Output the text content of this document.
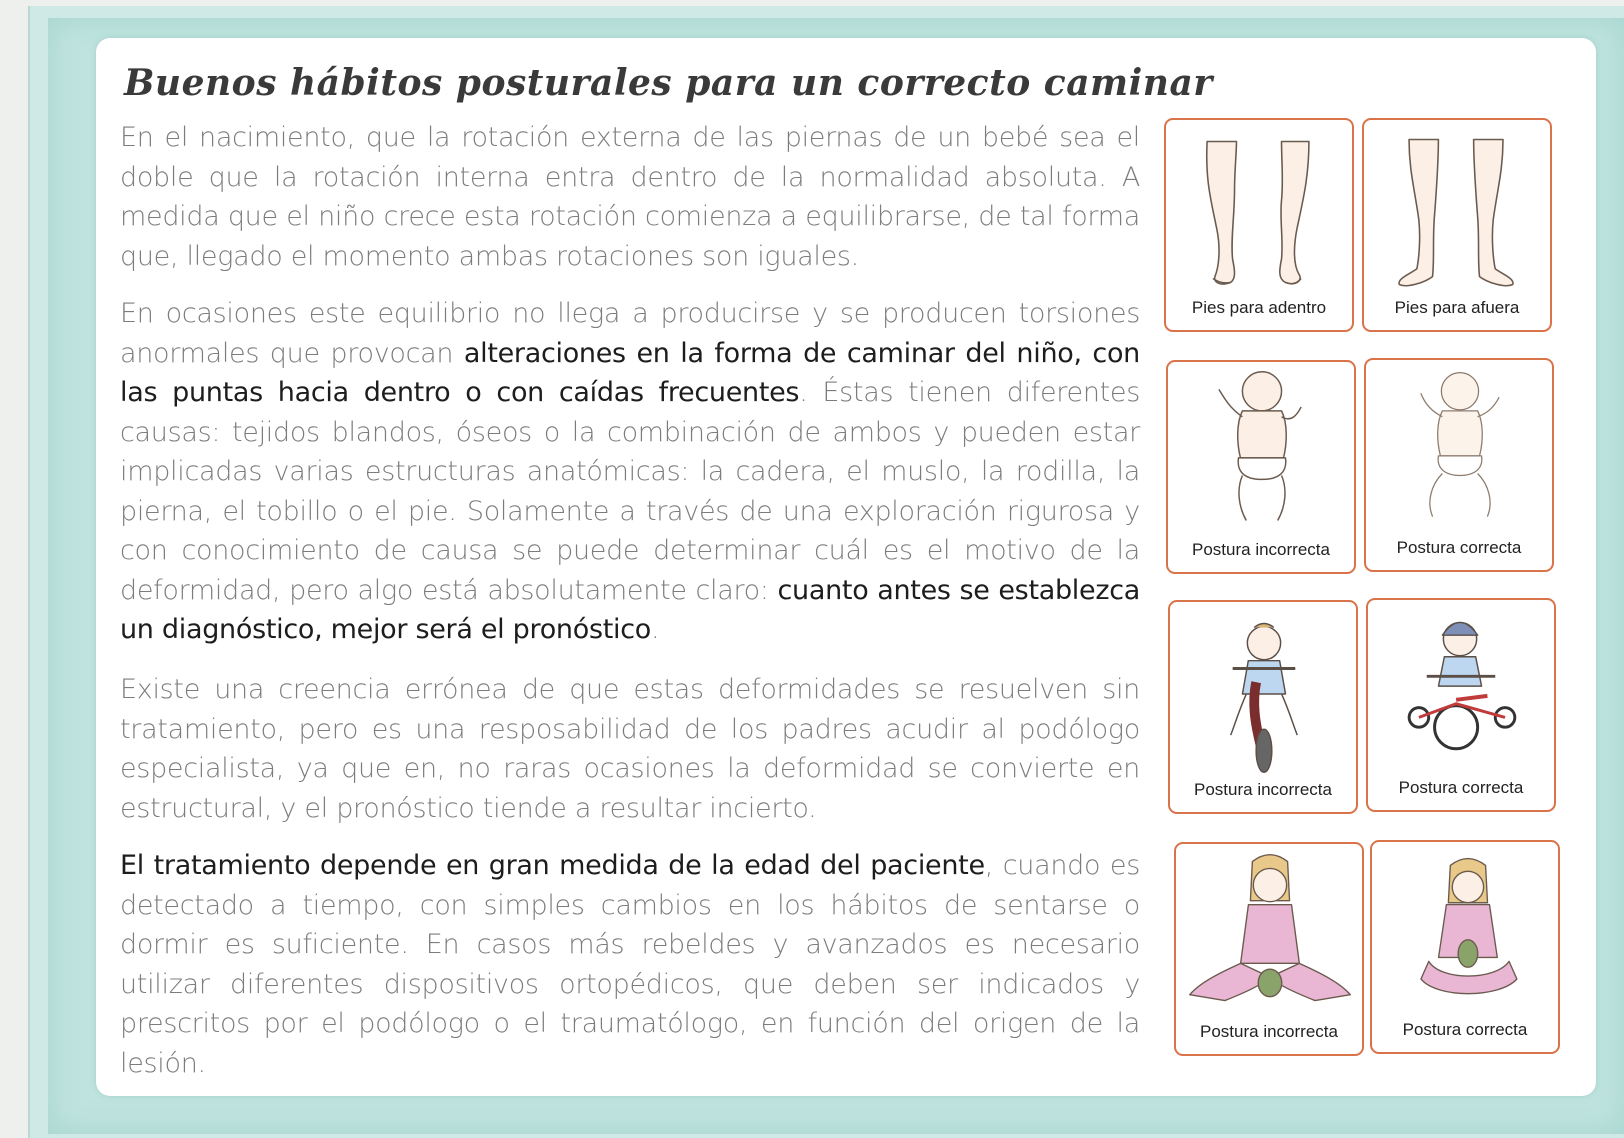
Buenos hábitos posturales para un correcto caminar

En el nacimiento, que la rotación externa de las piernas de un bebé sea el doble que la rotación interna entra dentro de la normalidad absoluta. A medida que el niño crece esta rotación comienza a equilibrarse, de tal forma que, llegado el momento ambas rotaciones son iguales.

En ocasiones este equilibrio no llega a producirse y se producen torsiones anormales que provocan alteraciones en la forma de caminar del niño, con las puntas hacia dentro o con caídas frecuentes. Éstas tienen diferentes causas: tejidos blandos, óseos o la combinación de ambos y pueden estar implicadas varias estructuras anatómicas: la cadera, el muslo, la rodilla, la pierna, el tobillo o el pie. Solamente a través de una exploración rigurosa y con conocimiento de causa se puede determinar cuál es el motivo de la deformidad, pero algo está absolutamente claro: cuanto antes se establezca un diagnóstico, mejor será el pronóstico.

Existe una creencia errónea de que estas deformidades se resuelven sin tratamiento, pero es una resposabilidad de los padres acudir al podólogo especialista, ya que en, no raras ocasiones la deformidad se convierte en estructural, y el pronóstico tiende a resultar incierto.

El tratamiento depende en gran medida de la edad del paciente, cuando es detectado a tiempo, con simples cambios en los hábitos de sentarse o dormir es suficiente. En casos más rebeldes y avanzados es necesario utilizar diferentes dispositivos ortopédicos, que deben ser indicados y prescritos por el podólogo o el traumatólogo, en función del origen de la lesión.

Pies para adentro	Pies para afuera
Postura incorrecta	Postura correcta
Postura incorrecta	Postura correcta
Postura incorrecta	Postura correcta
